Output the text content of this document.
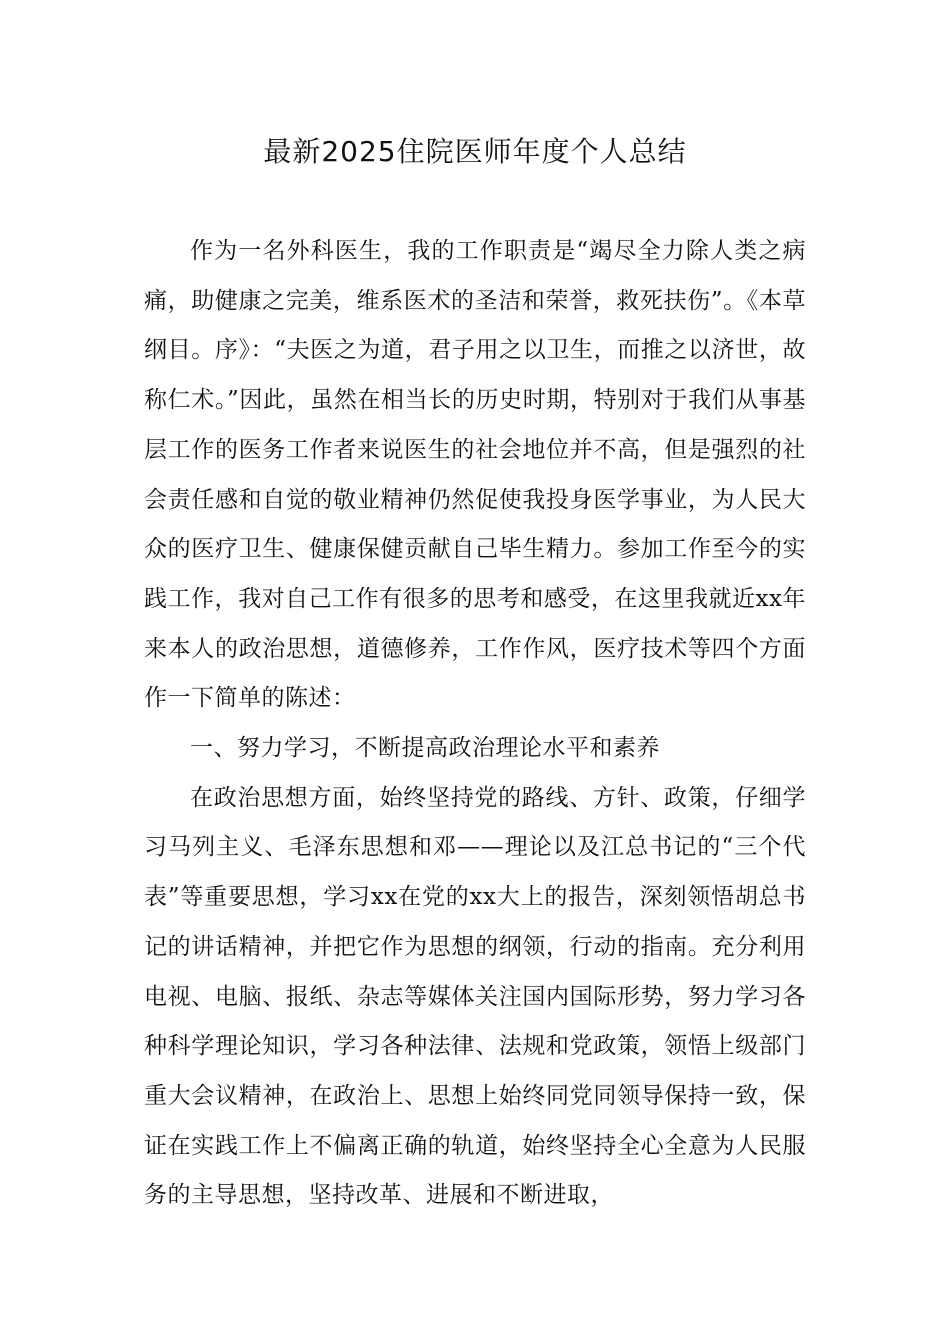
最新2025住院医师年度个人总结

作为一名外科医生，我的工作职责是“竭尽全力除人类之病痛，助健康之完美，维系医术的圣洁和荣誉，救死扶伤”。《本草纲目。序》：“夫医之为道，君子用之以卫生，而推之以济世，故称仁术。”因此，虽然在相当长的历史时期，特别对于我们从事基层工作的医务工作者来说医生的社会地位并不高，但是强烈的社会责任感和自觉的敬业精神仍然促使我投身医学事业，为人民大众的医疗卫生、健康保健贡献自己毕生精力。参加工作至今的实践工作，我对自己工作有很多的思考和感受，在这里我就近xx年来本人的政治思想，道德修养，工作作风，医疗技术等四个方面作一下简单的陈述：

一、努力学习，不断提高政治理论水平和素养

在政治思想方面，始终坚持党的路线、方针、政策，仔细学习马列主义、毛泽东思想和邓——理论以及江总书记的“三个代表”等重要思想，学习xx在党的xx大上的报告，深刻领悟胡总书记的讲话精神，并把它作为思想的纲领，行动的指南。充分利用电视、电脑、报纸、杂志等媒体关注国内国际形势，努力学习各种科学理论知识，学习各种法律、法规和党政策，领悟上级部门重大会议精神，在政治上、思想上始终同党同领导保持一致，保证在实践工作上不偏离正确的轨道，始终坚持全心全意为人民服务的主导思想，坚持改革、进展和不断进取，
